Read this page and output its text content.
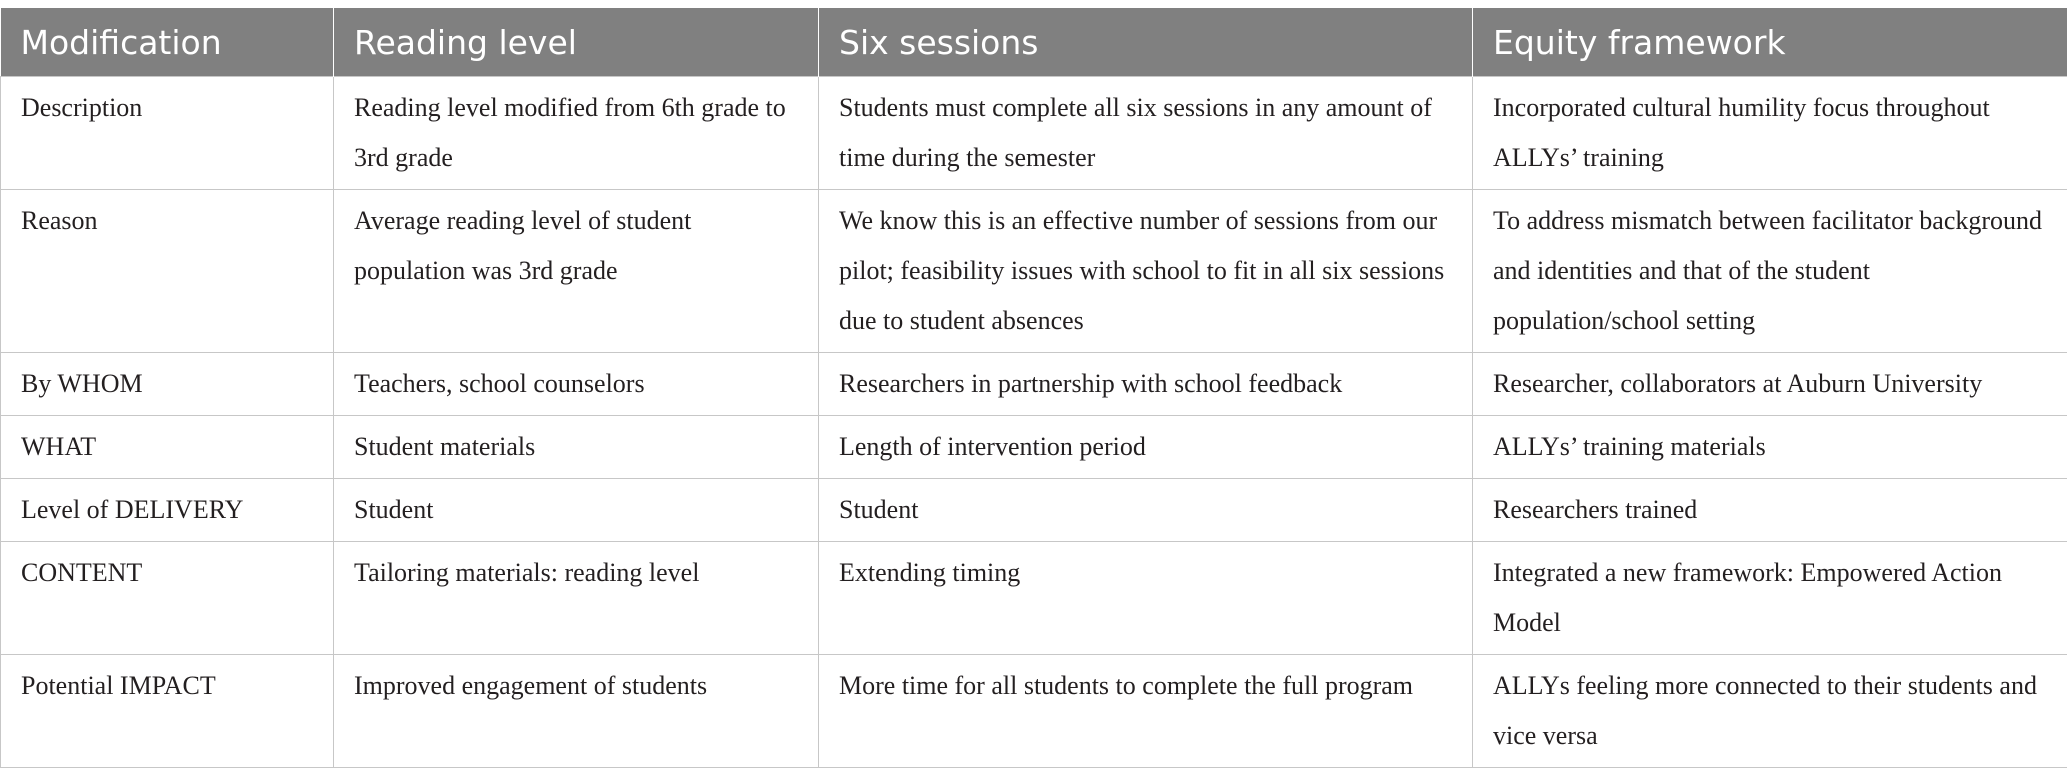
Modification	Reading level	Six sessions	Equity framework
Description	Reading level modified from 6th grade to 3rd grade	Students must complete all six sessions in any amount of time during the semester	Incorporated cultural humility focus throughout ALLYs’ training
Reason	Average reading level of student population was 3rd grade	We know this is an effective number of sessions from our pilot; feasibility issues with school to fit in all six sessions due to student absences	To address mismatch between facilitator background and identities and that of the student population/school setting
By WHOM	Teachers, school counselors	Researchers in partnership with school feedback	Researcher, collaborators at Auburn University
WHAT	Student materials	Length of intervention period	ALLYs’ training materials
Level of DELIVERY	Student	Student	Researchers trained
CONTENT	Tailoring materials: reading level	Extending timing	Integrated a new framework: Empowered Action Model
Potential IMPACT	Improved engagement of students	More time for all students to complete the full program	ALLYs feeling more connected to their students and vice versa
